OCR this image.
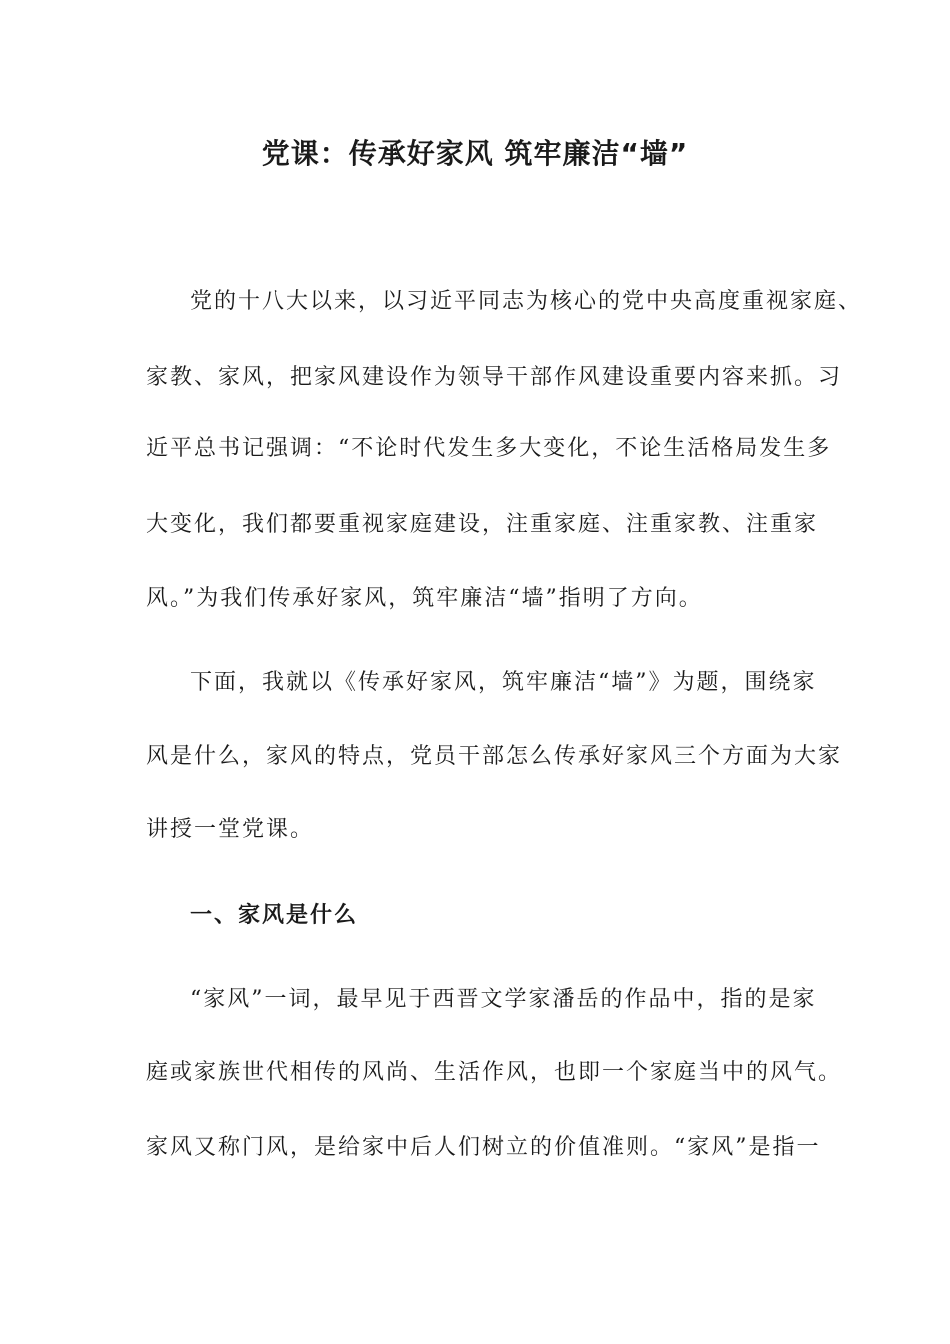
党课：传承好家风 筑牢廉洁“墙”
党的十八大以来，以习近平同志为核心的党中央高度重视家庭、
家教、家风，把家风建设作为领导干部作风建设重要内容来抓。习
近平总书记强调：“不论时代发生多大变化，不论生活格局发生多
大变化，我们都要重视家庭建设，注重家庭、注重家教、注重家
风。”为我们传承好家风，筑牢廉洁“墙”指明了方向。
下面，我就以《传承好家风，筑牢廉洁“墙”》为题，围绕家
风是什么，家风的特点，党员干部怎么传承好家风三个方面为大家
讲授一堂党课。
一、家风是什么
“家风”一词，最早见于西晋文学家潘岳的作品中，指的是家
庭或家族世代相传的风尚、生活作风，也即一个家庭当中的风气。
家风又称门风，是给家中后人们树立的价值准则。“家风”是指一
